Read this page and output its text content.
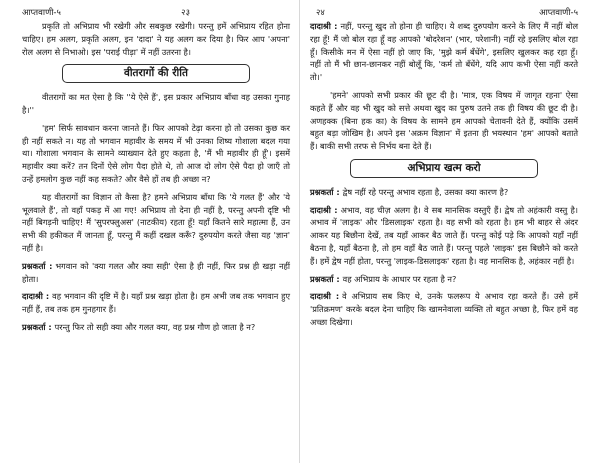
आप्तवाणी-५	२३

प्रकृति तो अभिप्राय भी रखेगी और सबकुछ रखेगी। परन्तु हमें अभिप्राय रहित होना चाहिए। हम अलग, प्रकृति अलग, इन 'दादा' ने यह अलग कर दिया है। फिर आप 'अपना' रोल अलग से निभाओ। इस 'पराई पीड़ा' में नहीं उतरना है।

वीतरागों की रीति

वीतरागों का मत ऐसा है कि ''ये ऐसे हैं', इस प्रकार अभिप्राय बाँधा वह उसका गुनाह है।''

'हम' सिर्फ सावधान करना जानते हैं। फिर आपको टेढ़ा करना हो तो उसका कुछ कर ही नहीं सकते न। यह तो भगवान महावीर के समय में भी उनका शिष्य गोशाला बदल गया था। गोशाला भगवान के सामने व्याख्यान देते हुए कहता है, 'मैं भी महावीर ही हूँ'। इसमें महावीर क्या करें? तन दिनों ऐसे लोग पैदा होते थे, तो आज दो लोग ऐसे पैदा हो जाएँ तो उन्हें हमलोग कुछ नहीं कह सकते? और वैसे हों तब ही अच्छा न?

यह वीतरागों का विज्ञान तो कैसा है? हमने अभिप्राय बाँधा कि 'ये गलत हैं' और 'ये भूलवाले हैं', तो वहाँ पकड़ में आ गए! अभिप्राय तो देना ही नहीं है, परन्तु अपनी दृष्टि भी नहीं बिगड़नी चाहिए! मैं 'सुपरफ्लुअस' (नाटकीय) रहता हूँ! यहाँ कितने सारे महात्मा हैं, उन सभी की हकीकत मैं जानता हूँ, परन्तु मैं कहीं दखल करूँ? दुरुपयोग करते जैसा यह 'ज्ञान' नहीं है।

प्रश्नकर्ता : भगवान को 'क्या गलत और क्या सही' ऐसा है ही नहीं, फिर प्रश्न ही खड़ा नहीं होता।

दादाश्री : वह भगवान की दृष्टि में है। यहाँ प्रश्न खड़ा होता है। हम अभी जब तक भगवान हुए नहीं हैं, तब तक हम गुनहगार हैं।

प्रश्नकर्ता : परन्तु फिर तो सही क्या और गलत क्या, वह प्रश्न गौण हो जाता है न?

२४	आप्तवाणी-५

दादाश्री : नहीं, परन्तु खुद तो होना ही चाहिए। ये शब्द दुरुपयोग करने के लिए मैं नहीं बोल रहा हूँ! मैं जो बोल रहा हूँ वह आपको 'बोदरेशन' (भार, परेशानी) नहीं रहे इसलिए बोल रहा हूँ। किसीके मन में ऐसा नहीं हो जाए कि, 'मुझे कर्म बँधेंगे', इसलिए खुलकर कह रहा हूँ। नहीं तो मैं भी छान-छानकर नहीं बोलूँ कि, 'कर्म तो बँधेंगे, यदि आप कभी ऐसा नहीं करते तो।'

'हमने' आपको सभी प्रकार की छूट दी है। 'मात्र, एक विषय में जागृत रहना' ऐसा कहते हैं और वह भी खुद को सत्ते अथवा खुद का पुरुष उतने तक ही विषय की छूट दी है। अणहक्क (बिना हक का) के विषय के सामने हम आपको चेतावनी देते हैं, क्योंकि उसमें बहुत बड़ा जोखिम है। अपने इस 'अक्रम विज्ञान' में इतना ही भयस्थान 'हम' आपको बताते हैं। बाकी सभी तरफ से निर्भय बना देते हैं।

अभिप्राय खत्म करो

प्रश्नकर्ता : द्वेष नहीं रहे परन्तु अभाव रहता है, उसका क्या कारण है?

दादाश्री : अभाव, वह चीज़ अलग है। वे सब मानसिक वस्तुएँ हैं। द्वेष तो अहंकारी वस्तु है। अभाव में 'लाइक' और 'डिसलाइक' रहता है। वह सभी को रहता है। हम भी बाहर से अंदर आकर यह बिछौना देखें, तब यहाँ आकर बैठ जाते हैं। परन्तु कोई पड़े कि आपको यहाँ नहीं बैठना है, यहाँ बैठना है, तो हम वहाँ बैठ जाते हैं। परन्तु पहले 'लाइक' इस बिछौने को करते हैं। हमें द्वेष नहीं होता, परन्तु 'लाइक-डिसलाइक' रहता है। वह मानसिक है, अहंकार नहीं है।

प्रश्नकर्ता : वह अभिप्राय के आधार पर रहता है न?

दादाश्री : वे अभिप्राय सब किए थे, उनके फलरूप ये अभाव रहा करते हैं। उसे हमें 'प्रतिक्रमण' करके बदल देना चाहिए कि खामनेवाला व्यक्ति तो बहुत अच्छा है, फिर हमें वह अच्छा दिखेगा।
